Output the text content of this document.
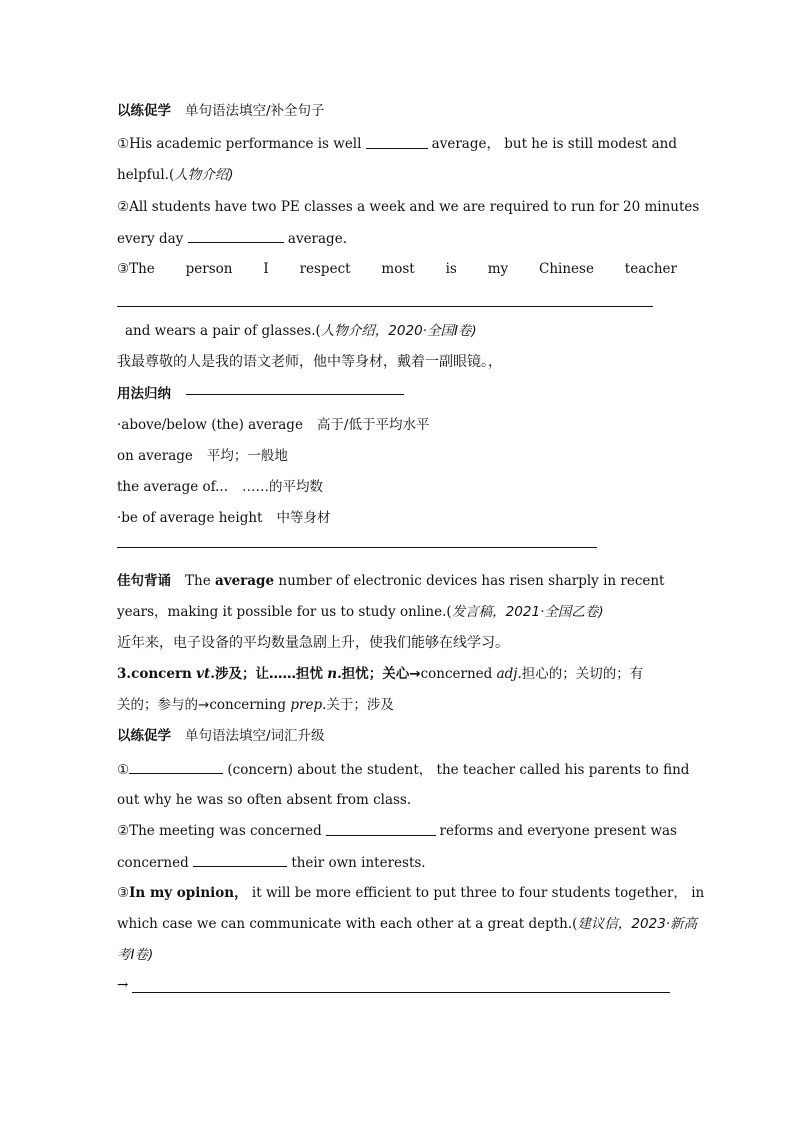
以练促学 单句语法填空/补全句子
①His academic performance is well	average， but he is still modest and
helpful.(人物介绍)
②All students have two PE classes a week and we are required to run for 20 minutes
every day	average.
③The person I respect most is my Chinese teacher
and wears a pair of glasses.(人物介绍，2020·全国Ⅰ卷)
我最尊敬的人是我的语文老师，他中等身材，戴着一副眼镜。，
用法归纳
·above/below (the) average 高于/低于平均水平
on average 平均；一般地
the average of... ……的平均数
·be of average height 中等身材
佳句背诵 The average number of electronic devices has risen sharply in recent
years，making it possible for us to study online.(发言稿，2021·全国乙卷)
近年来，电子设备的平均数量急剧上升，使我们能够在线学习。
3.concern vt.涉及；让……担忧 n.担忧；关心→concerned adj.担心的；关切的；有
关的；参与的→concerning prep.关于；涉及
以练促学 单句语法填空/词汇升级
①	(concern) about the student， the teacher called his parents to find
out why he was so often absent from class.
②The meeting was concerned	reforms and everyone present was
concerned	their own interests.
③In my opinion， it will be more efficient to put three to four students together， in
which case we can communicate with each other at a great depth.(建议信，2023·新高
考Ⅰ卷)
→
